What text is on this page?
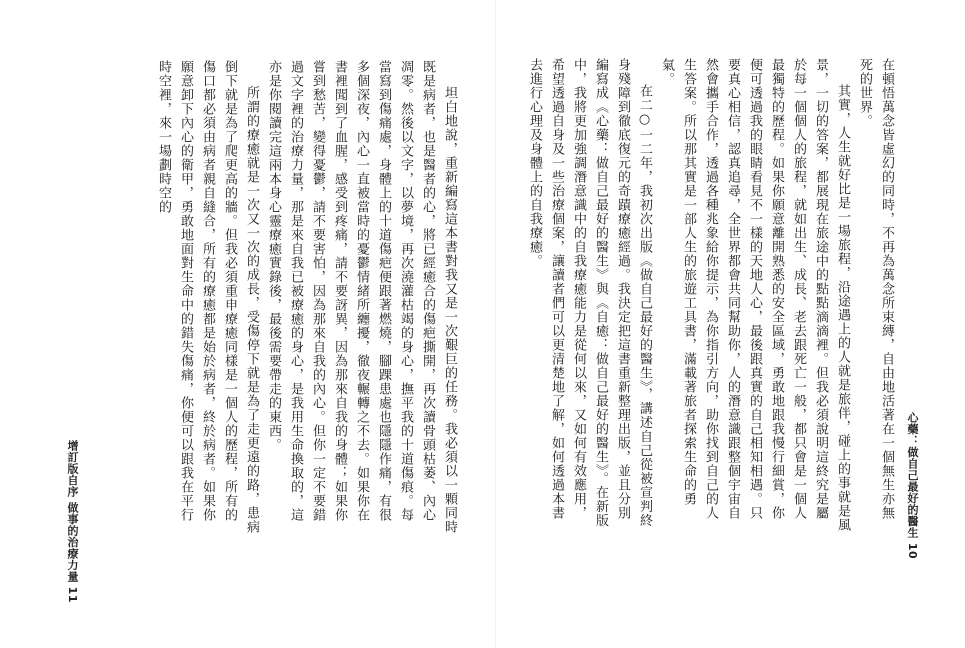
心藥：做自己最好的醫生 10

在頓悟萬念皆虛幻的同時，不再為萬念所束縛，自由地活著在一個無生亦無死的世界。

其實，人生就好比是一場旅程，沿途遇上的人就是旅伴，碰上的事就是風景，一切的答案，都展現在旅途中的點點滴滴裡。但我必須說明這終究是屬於每一個個人的旅程，就如出生、成長、老去跟死亡一般，都只會是一個人最獨特的歷程。如果你願意離開熟悉的安全區域，勇敢地跟我慢行細賞，你便可透過我的眼睛看見不一樣的天地人心，最後跟真實的自己相知相遇。只要真心相信，認真追尋，全世界都會共同幫助你，人的潛意識跟整個宇宙自然會攜手合作，透過各種兆象給你提示，為你指引方向，助你找到自己的人生答案。所以那其實是一部人生的旅遊工具書，滿載著旅者探索生命的勇氣。

在二○一二年，我初次出版《做自己最好的醫生》，講述自己從被宣判終身殘障到徹底復元的奇蹟療癒經過。我決定把這書重新整理出版，並且分別編寫成《心藥：做自己最好的醫生》與《自癒：做自己最好的醫生》。在新版中，我將更加強調潛意識中的自我療癒能力是從何以來，又如何有效應用，希望透過自身及一些治療個案，讓讀者們可以更清楚地了解，如何透過本書去進行心理及身體上的自我療癒。

坦白地說，重新編寫這本書對我又是一次艱巨的任務。我必須以一顆同時既是病者，也是醫者的心，將已經癒合的傷疤撕開，再次讀骨頭枯萎、內心凋零。然後以文字，以夢境，再次澆灌枯竭的身心，撫平我的十道傷痕。每當寫到傷痛處，身體上的十道傷疤便跟著燃燒，腳踝患處也隱隱作痛，有很多個深夜，內心一直被當時的憂鬱情緒所纏擾，徹夜輾轉之不去。如果你在書裡聞到了血腥，感受到疼痛，請不要訝異，因為那來自我的身體；如果你嘗到愁苦，變得憂鬱，請不要害怕，因為那來自我的內心。但你一定不要錯過文字裡的治療力量，那是來自我已被療癒的身心，是我用生命換取的，這亦是你閱讀完這兩本身心靈療癒實錄後，最後需要帶走的東西。

所謂的療癒就是一次又一次的成長，受傷停下就是為了走更遠的路，患病倒下就是為了爬更高的牆。但我必須重申療癒同樣是一個人的歷程，所有的傷口都必須由病者親自縫合，所有的療癒都是始於病者，終於病者。如果你願意卸下內心的衛甲，勇敢地面對生命中的錯失傷痛，你便可以跟我在平行時空裡，來一場劃時空的

增訂版自序 做事的治療力量 11
